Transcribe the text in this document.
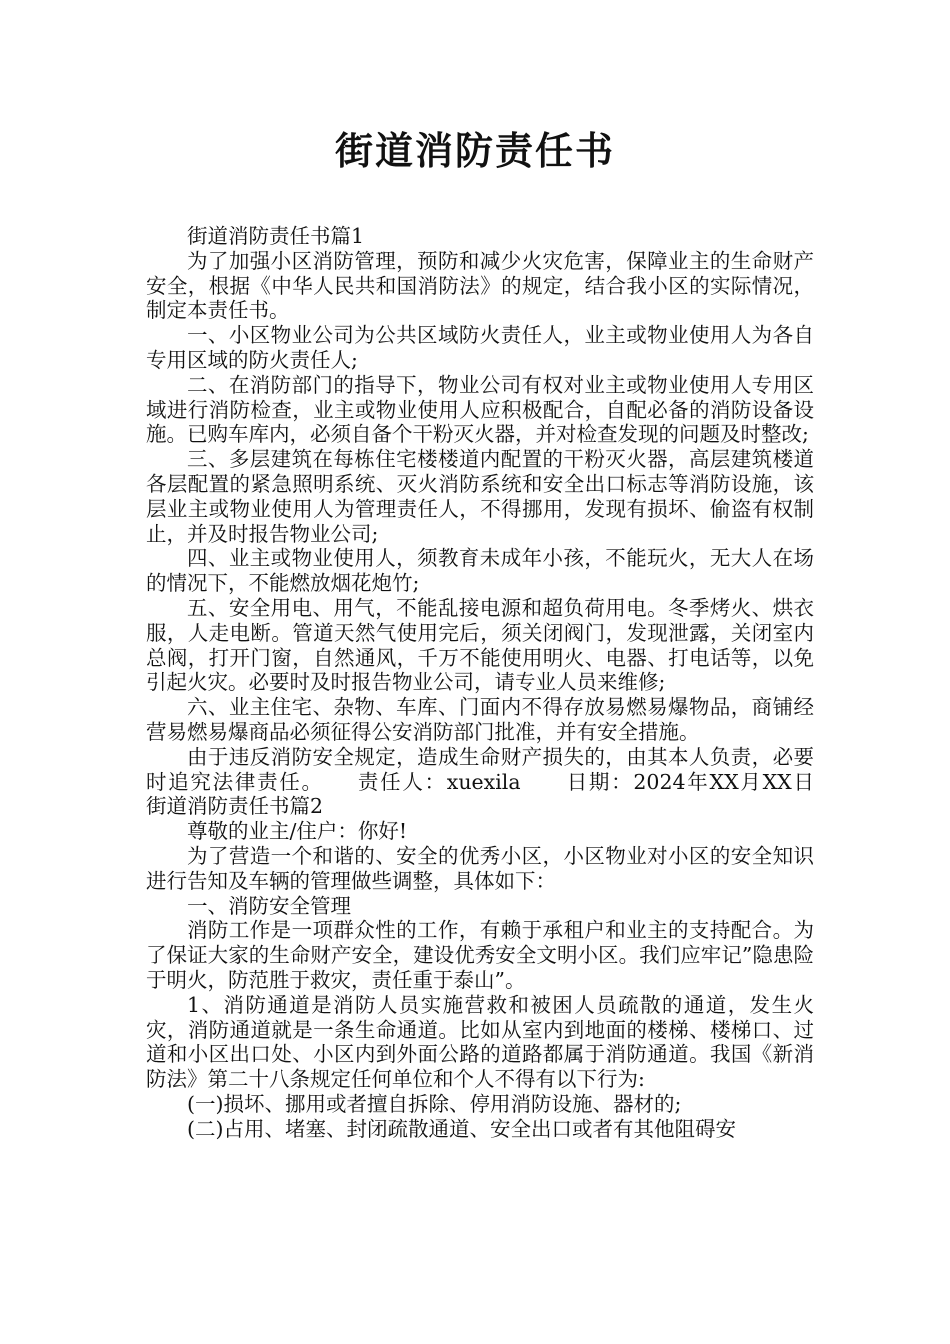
街道消防责任书

街道消防责任书篇1

为了加强小区消防管理，预防和减少火灾危害，保障业主的生命财产安全，根据《中华人民共和国消防法》的规定，结合我小区的实际情况，制定本责任书。

一、小区物业公司为公共区域防火责任人，业主或物业使用人为各自专用区域的防火责任人;

二、在消防部门的指导下，物业公司有权对业主或物业使用人专用区域进行消防检查，业主或物业使用人应积极配合，自配必备的消防设备设施。已购车库内，必须自备个干粉灭火器，并对检查发现的问题及时整改;

三、多层建筑在每栋住宅楼楼道内配置的干粉灭火器，高层建筑楼道各层配置的紧急照明系统、灭火消防系统和安全出口标志等消防设施，该层业主或物业使用人为管理责任人，不得挪用，发现有损坏、偷盗有权制止，并及时报告物业公司;

四、业主或物业使用人，须教育未成年小孩，不能玩火，无大人在场的情况下，不能燃放烟花炮竹;

五、安全用电、用气，不能乱接电源和超负荷用电。冬季烤火、烘衣服，人走电断。管道天然气使用完后，须关闭阀门，发现泄露，关闭室内总阀，打开门窗，自然通风，千万不能使用明火、电器、打电话等，以免引起火灾。必要时及时报告物业公司，请专业人员来维修;

六、业主住宅、杂物、车库、门面内不得存放易燃易爆物品，商铺经营易燃易爆商品必须征得公安消防部门批准，并有安全措施。

由于违反消防安全规定，造成生命财产损失的，由其本人负责，必要时追究法律责任。　　责任人：xuexila　　日期：2024年XX月XX日　　街道消防责任书篇2

尊敬的业主/住户：你好!

为了营造一个和谐的、安全的优秀小区，小区物业对小区的安全知识进行告知及车辆的管理做些调整，具体如下：

一、消防安全管理

消防工作是一项群众性的工作，有赖于承租户和业主的支持配合。为了保证大家的生命财产安全，建设优秀安全文明小区。我们应牢记”隐患险于明火，防范胜于救灾，责任重于泰山”。

1、消防通道是消防人员实施营救和被困人员疏散的通道，发生火灾，消防通道就是一条生命通道。比如从室内到地面的楼梯、楼梯口、过道和小区出口处、小区内到外面公路的道路都属于消防通道。我国《新消防法》第二十八条规定任何单位和个人不得有以下行为:

(一)损坏、挪用或者擅自拆除、停用消防设施、器材的;

(二)占用、堵塞、封闭疏散通道、安全出口或者有其他阻碍安
